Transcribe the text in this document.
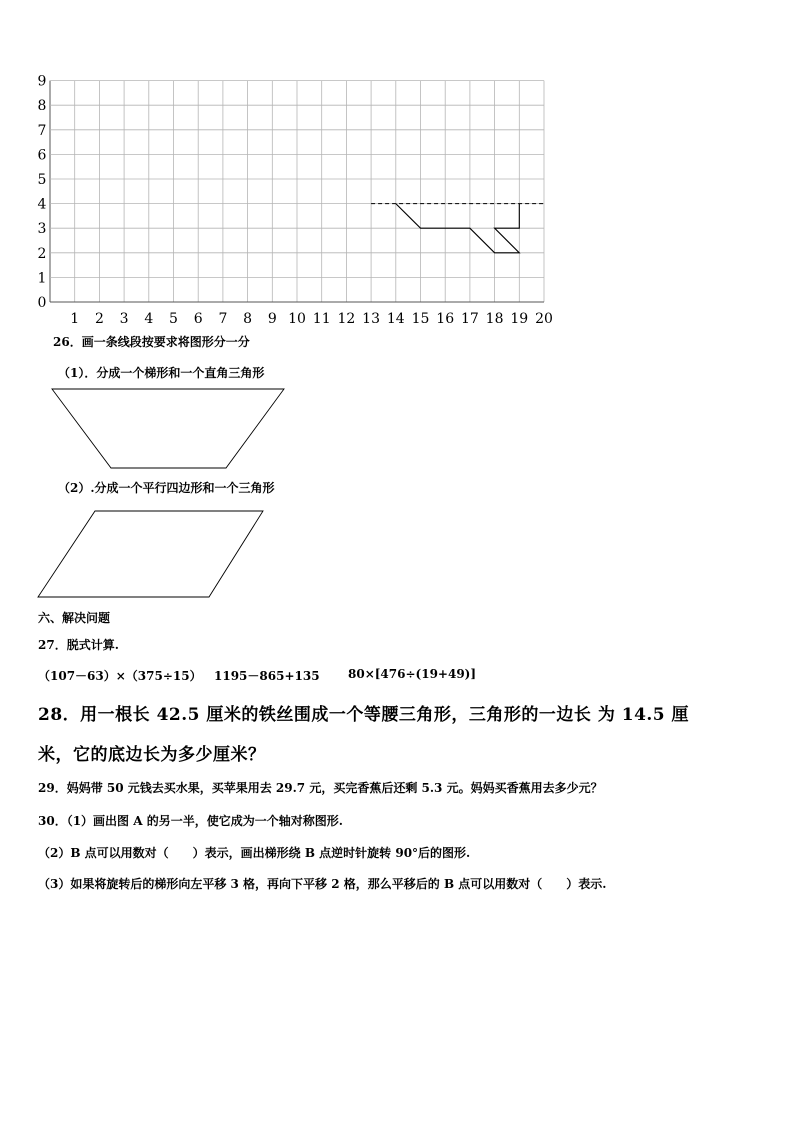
0
1
2
3
4
5
6
7
8
9
1 2 3 4 5 6 7 8 9 10 11 12 13 14 15 16 17 18 19 20
26．画一条线段按要求将图形分一分
（1）．分成一个梯形和一个直角三角形
（2）.分成一个平行四边形和一个三角形
六、解决问题
27．脱式计算.
（107－63）×（375÷15） 1195－865+135 80×[476÷(19+49)]
28．用一根长 42.5 厘米的铁丝围成一个等腰三角形，三角形的一边长 为 14.5 厘
米，它的底边长为多少厘米？
29．妈妈带 50 元钱去买水果，买苹果用去 29.7 元，买完香蕉后还剩 5.3 元。妈妈买香蕉用去多少元？
30．（1）画出图 A 的另一半，使它成为一个轴对称图形.
（2）B 点可以用数对（　　）表示，画出梯形绕 B 点逆时针旋转 90°后的图形.
（3）如果将旋转后的梯形向左平移 3 格，再向下平移 2 格，那么平移后的 B 点可以用数对（　　）表示.
